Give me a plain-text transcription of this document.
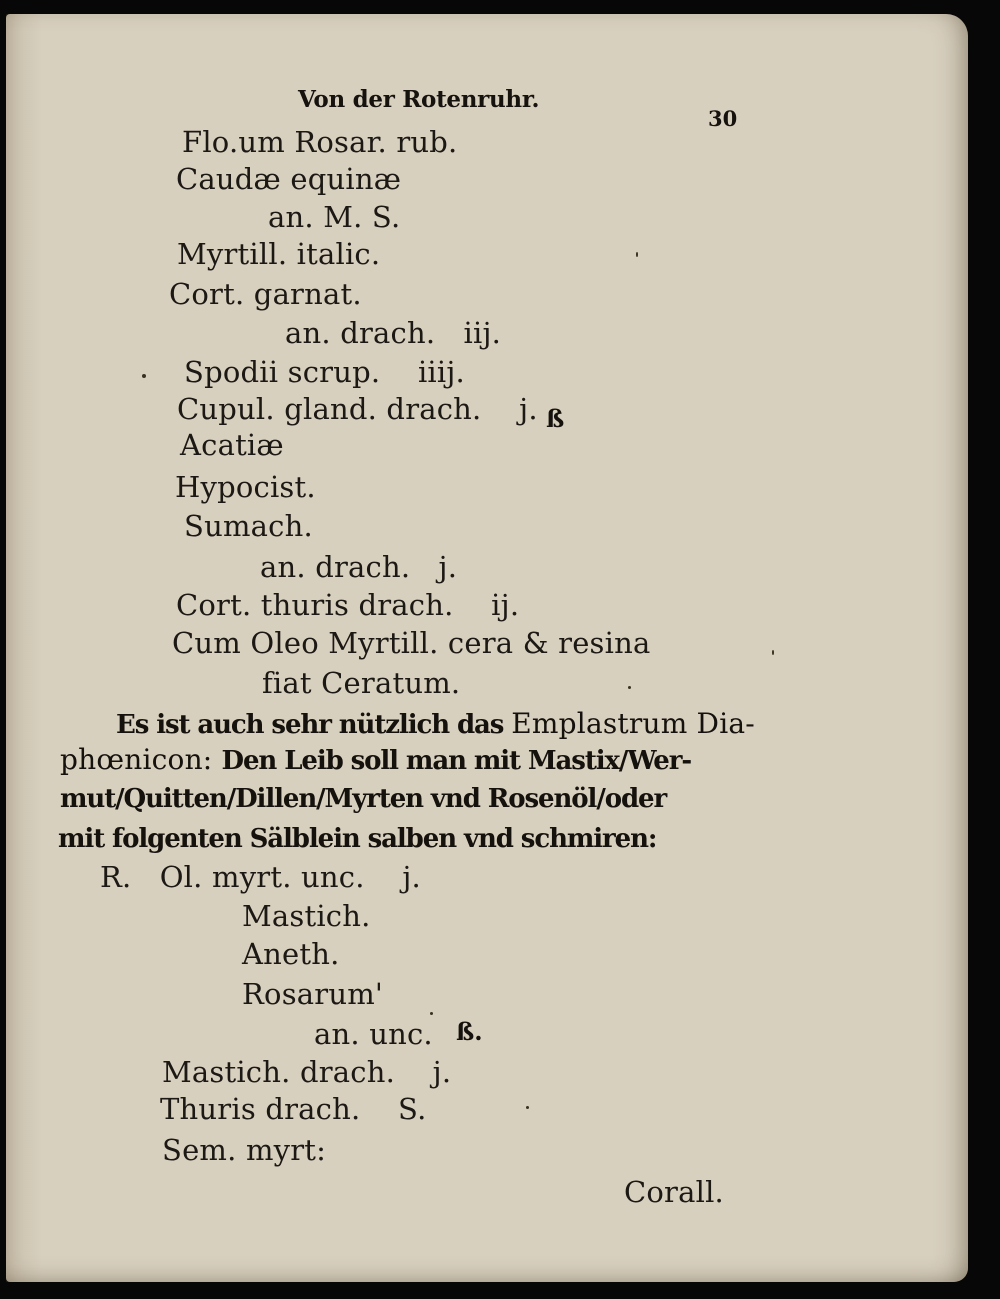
Von der Rotenruhr.
30
Flo.um Rosar. rub.
Caudæ equinæ
an. M. S.
Myrtill. italic.
Cort. garnat.
an. drach.   iij.
Spodii scrup.    iiij.
Cupul. gland. drach.    j. ß
Acatiæ
Hypocist.
Sumach.
an. drach.   j.
Cort. thuris drach.    ij.
Cum Oleo Myrtill. cera & resina
fiat Ceratum.
Es ist auch sehr nützlich das Emplastrum Dia-
phœnicon: Den Leib soll man mit Mastix/Wer-
mut/Quitten/Dillen/Myrten vnd Rosenöl/oder
mit folgenten Sälblein salben vnd schmiren:
R.   Ol. myrt. unc.    j.
Mastich.
Aneth.
Rosarum'
an. unc. ß.
Mastich. drach.    j.
Thuris drach.    S.
Sem. myrt:
Corall.
